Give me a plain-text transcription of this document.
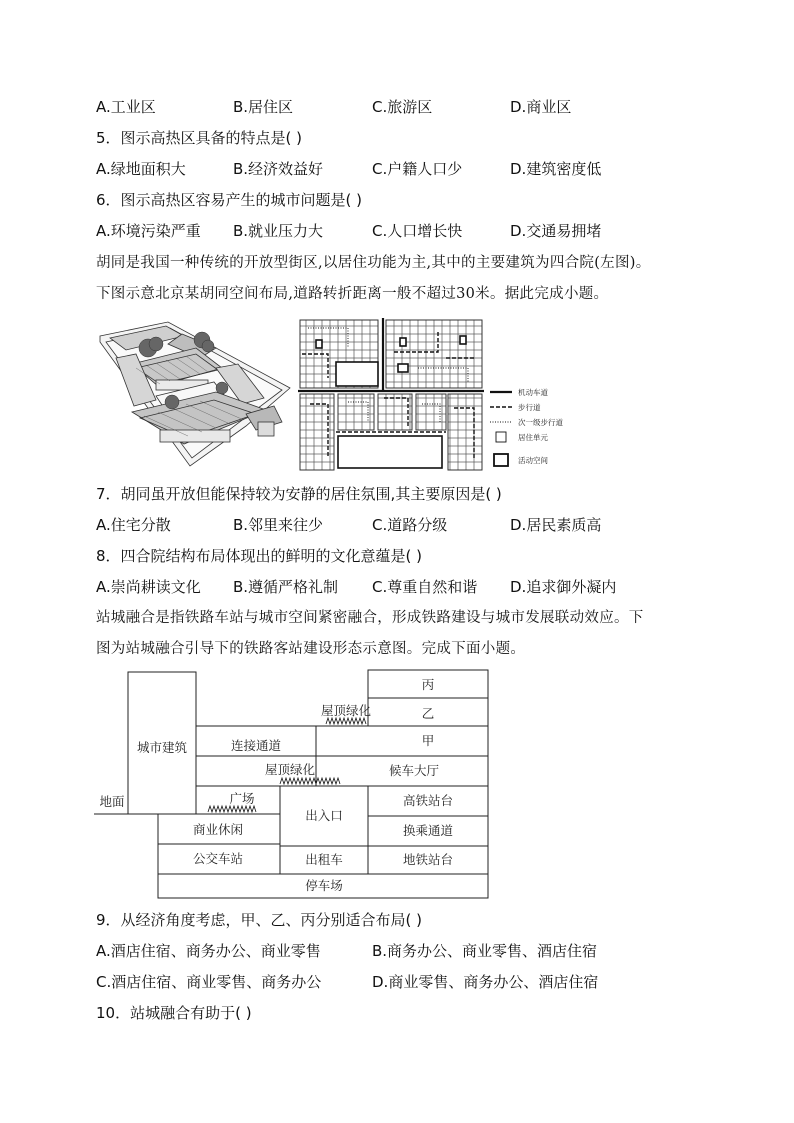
A.工业区	B.居住区	C.旅游区	D.商业区
5．图示高热区具备的特点是( )
A.绿地面积大	B.经济效益好	C.户籍人口少	D.建筑密度低
6．图示高热区容易产生的城市问题是( )
A.环境污染严重 B.就业压力大	C.人口增长快	D.交通易拥堵
胡同是我国一种传统的开放型街区,以居住功能为主,其中的主要建筑为四合院(左图)。
下图示意北京某胡同空间布局,道路转折距离一般不超过30米。据此完成小题。
机动车道
步行道
次一级步行道
居住单元
活动空间
7．胡同虽开放但能保持较为安静的居住氛围,其主要原因是( )
A.住宅分散	B.邻里来往少	C.道路分级	D.居民素质高
8．四合院结构布局体现出的鲜明的文化意蕴是( )
A.崇尚耕读文化 B.遵循严格礼制 C.尊重自然和谐 D.追求御外凝内
站城融合是指铁路车站与城市空间紧密融合，形成铁路建设与城市发展联动效应。下
图为站城融合引导下的铁路客站建设形态示意图。完成下面小题。
丙
乙
屋顶绿化
城市建筑	连接通道	甲
屋顶绿化	候车大厅
地面	广场
出入口
高铁站台
商业休闲	换乘通道
公交车站	出租车	地铁站台
停车场
9．从经济角度考虑，甲、乙、丙分别适合布局( )
A.酒店住宿、商务办公、商业零售	B.商务办公、商业零售、酒店住宿
C.酒店住宿、商业零售、商务办公	D.商业零售、商务办公、酒店住宿
10．站城融合有助于( )
